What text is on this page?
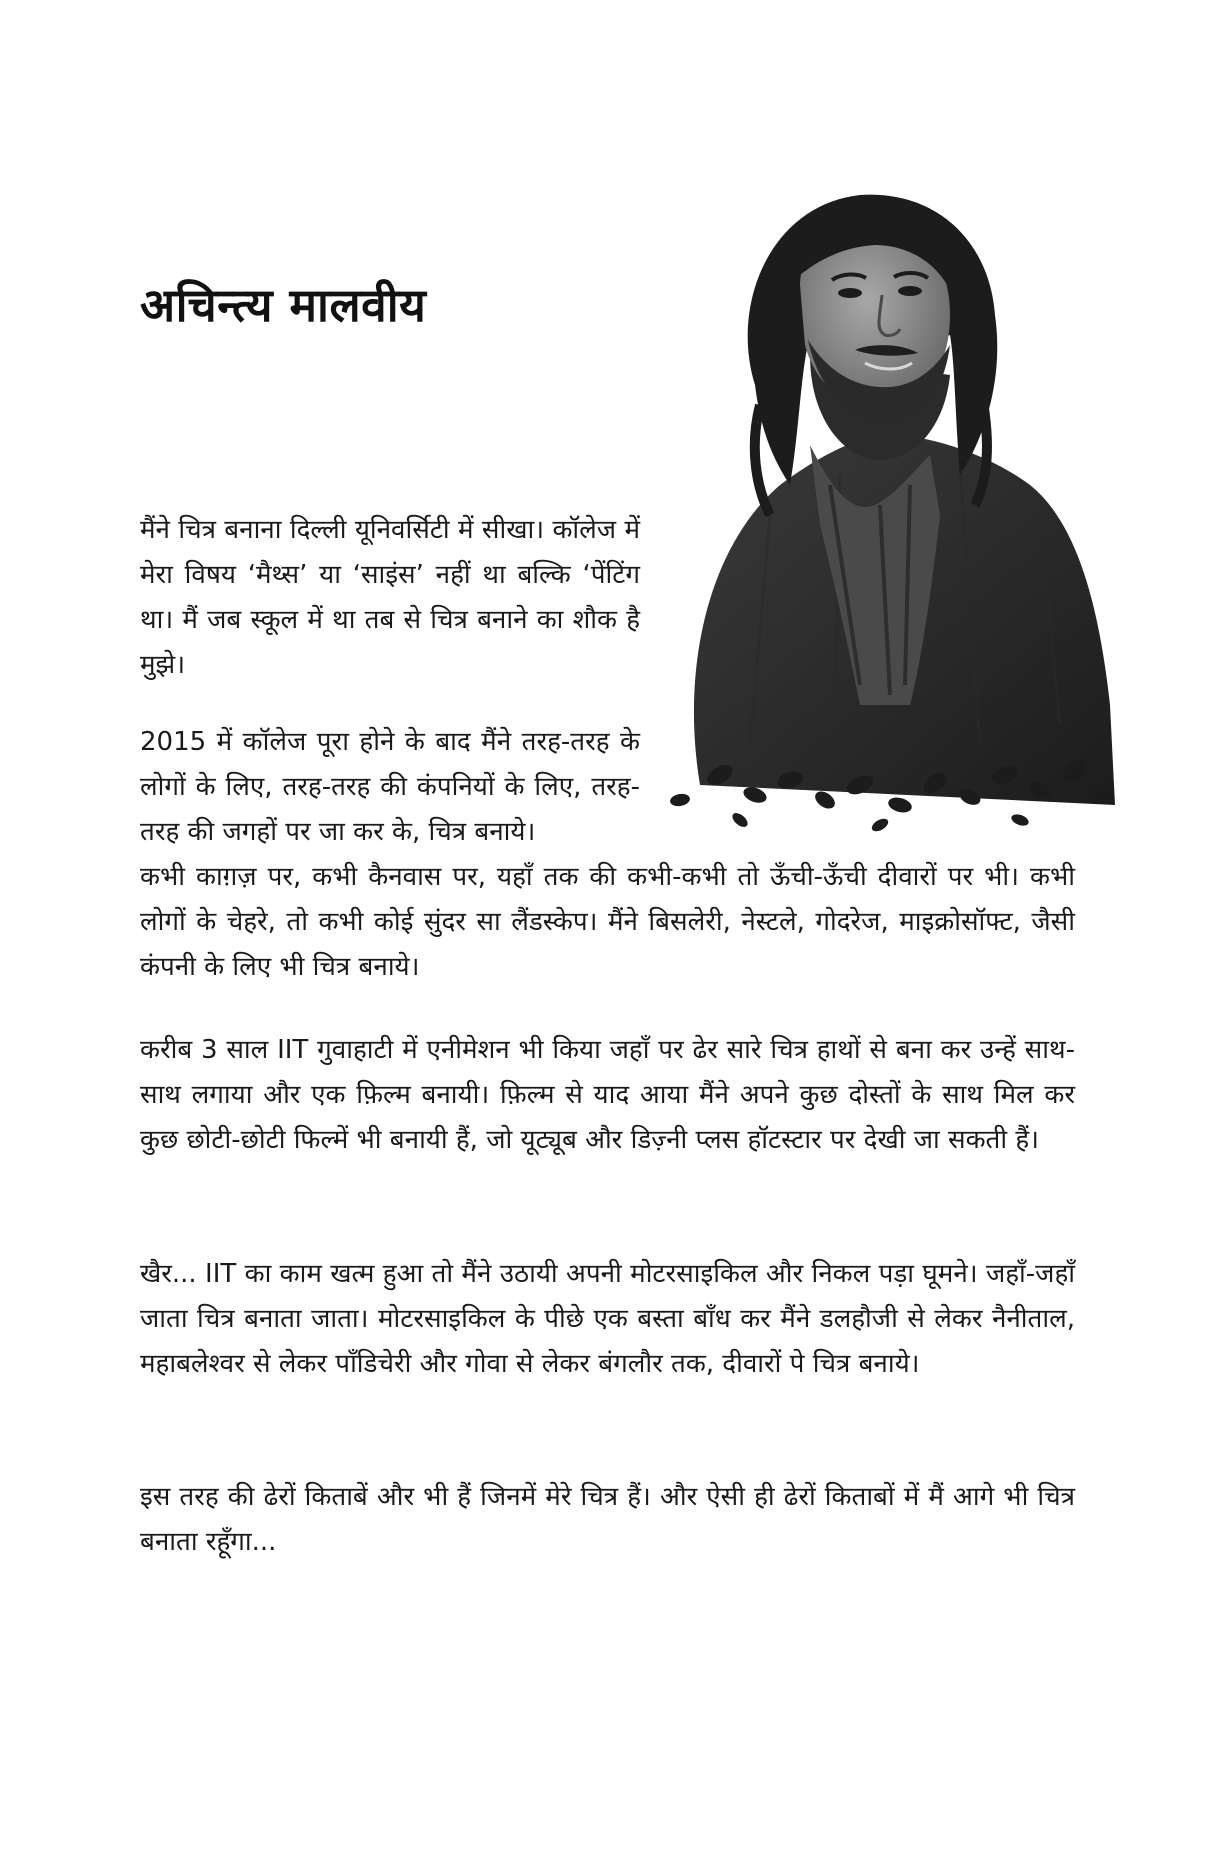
अचिन्त्य मालवीय

मैंने चित्र बनाना दिल्ली यूनिवर्सिटी में सीखा। कॉलेज में मेरा विषय ‘मैथ्स’ या ‘साइंस’ नहीं था बल्कि ‘पेंटिंग था। मैं जब स्कूल में था तब से चित्र बनाने का शौक है मुझे।

2015 में कॉलेज पूरा होने के बाद मैंने तरह-तरह के लोगों के लिए, तरह-तरह की कंपनियों के लिए, तरह-तरह की जगहों पर जा कर के, चित्र बनाये।

कभी काग़ज़ पर, कभी कैनवास पर, यहाँ तक की कभी-कभी तो ऊँची-ऊँची दीवारों पर भी। कभी लोगों के चेहरे, तो कभी कोई सुंदर सा लैंडस्केप। मैंने बिसलेरी, नेस्टले, गोदरेज, माइक्रोसॉफ्ट, जैसी कंपनी के लिए भी चित्र बनाये।

करीब 3 साल IIT गुवाहाटी में एनीमेशन भी किया जहाँ पर ढेर सारे चित्र हाथों से बना कर उन्हें साथ-साथ लगाया और एक फ़िल्म बनायी। फ़िल्म से याद आया मैंने अपने कुछ दोस्तों के साथ मिल कर कुछ छोटी-छोटी फिल्में भी बनायी हैं, जो यूट्यूब और डिज़्नी प्लस हॉटस्टार पर देखी जा सकती हैं।

खैर... IIT का काम खत्म हुआ तो मैंने उठायी अपनी मोटरसाइकिल और निकल पड़ा घूमने। जहाँ-जहाँ जाता चित्र बनाता जाता। मोटरसाइकिल के पीछे एक बस्ता बाँध कर मैंने डलहौजी से लेकर नैनीताल, महाबलेश्वर से लेकर पाँडिचेरी और गोवा से लेकर बंगलौर तक, दीवारों पे चित्र बनाये।

इस तरह की ढेरों किताबें और भी हैं जिनमें मेरे चित्र हैं। और ऐसी ही ढेरों किताबों में मैं आगे भी चित्र बनाता रहूँगा...
